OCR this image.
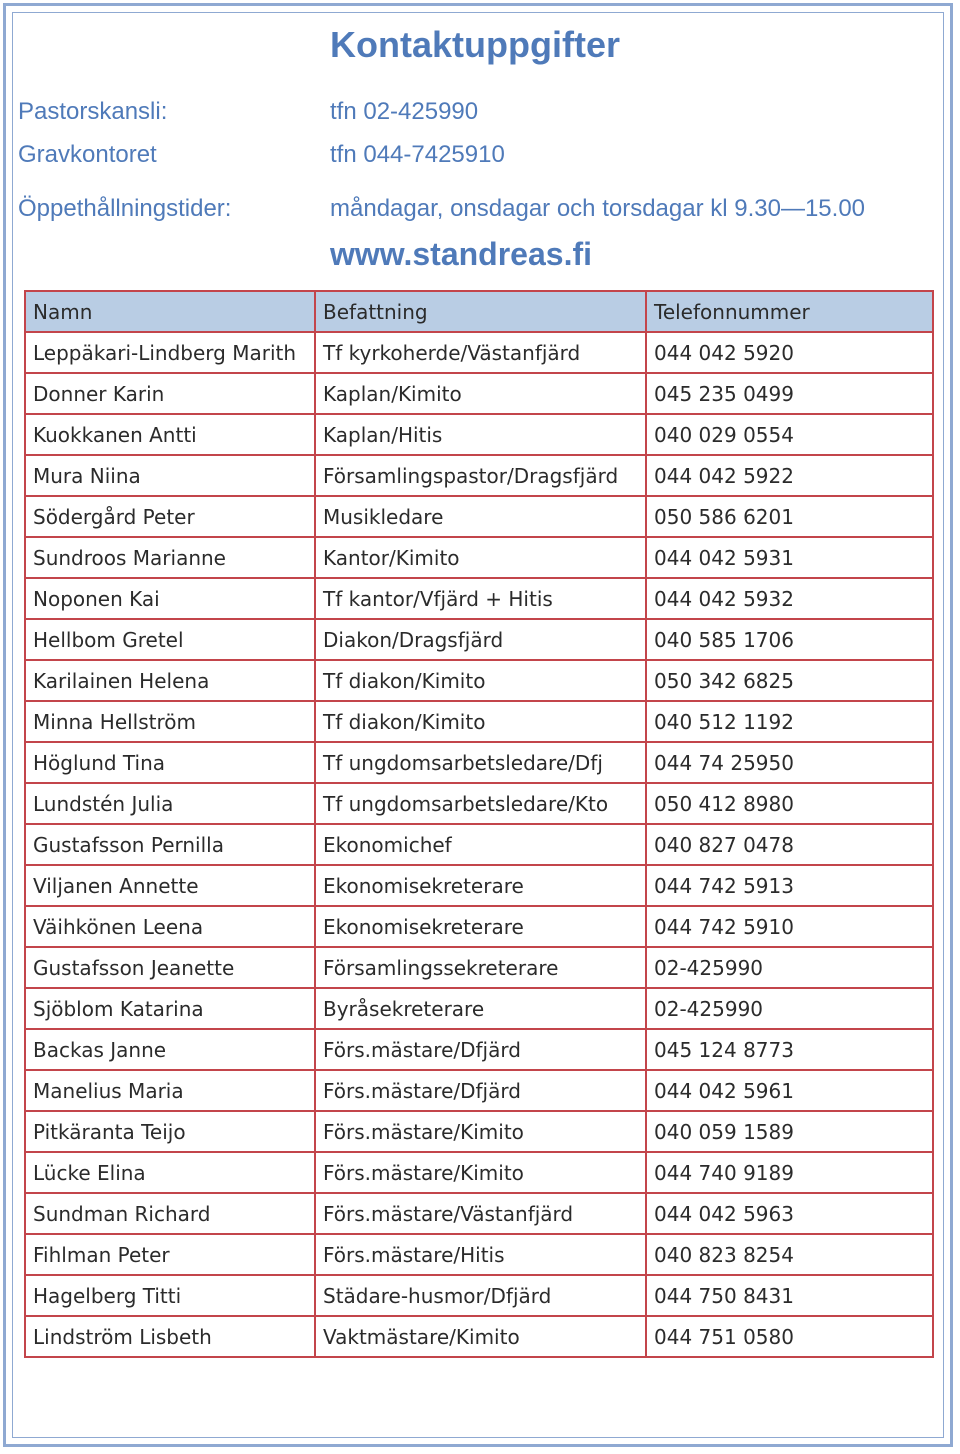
Kontaktuppgifter
Pastorskansli:	tfn 02-425990
Gravkontoret	tfn 044-7425910
Öppethållningstider:	måndagar, onsdagar och torsdagar kl 9.30—15.00
www.standreas.fi
Namn	Befattning	Telefonnummer
Leppäkari-Lindberg Marith	Tf kyrkoherde/Västanfjärd	044 042 5920
Donner Karin	Kaplan/Kimito	045 235 0499
Kuokkanen Antti	Kaplan/Hitis	040 029 0554
Mura Niina	Församlingspastor/Dragsfjärd	044 042 5922
Södergård Peter	Musikledare	050 586 6201
Sundroos Marianne	Kantor/Kimito	044 042 5931
Noponen Kai	Tf kantor/Vfjärd + Hitis	044 042 5932
Hellbom Gretel	Diakon/Dragsfjärd	040 585 1706
Karilainen Helena	Tf diakon/Kimito	050 342 6825
Minna Hellström	Tf diakon/Kimito	040 512 1192
Höglund Tina	Tf ungdomsarbetsledare/Dfj	044 74 25950
Lundstén Julia	Tf ungdomsarbetsledare/Kto	050 412 8980
Gustafsson Pernilla	Ekonomichef	040 827 0478
Viljanen Annette	Ekonomisekreterare	044 742 5913
Väihkönen Leena	Ekonomisekreterare	044 742 5910
Gustafsson Jeanette	Församlingssekreterare	02-425990
Sjöblom Katarina	Byråsekreterare	02-425990
Backas Janne	Förs.mästare/Dfjärd	045 124 8773
Manelius Maria	Förs.mästare/Dfjärd	044 042 5961
Pitkäranta Teijo	Förs.mästare/Kimito	040 059 1589
Lücke Elina	Förs.mästare/Kimito	044 740 9189
Sundman Richard	Förs.mästare/Västanfjärd	044 042 5963
Fihlman Peter	Förs.mästare/Hitis	040 823 8254
Hagelberg Titti	Städare-husmor/Dfjärd	044 750 8431
Lindström Lisbeth	Vaktmästare/Kimito	044 751 0580
